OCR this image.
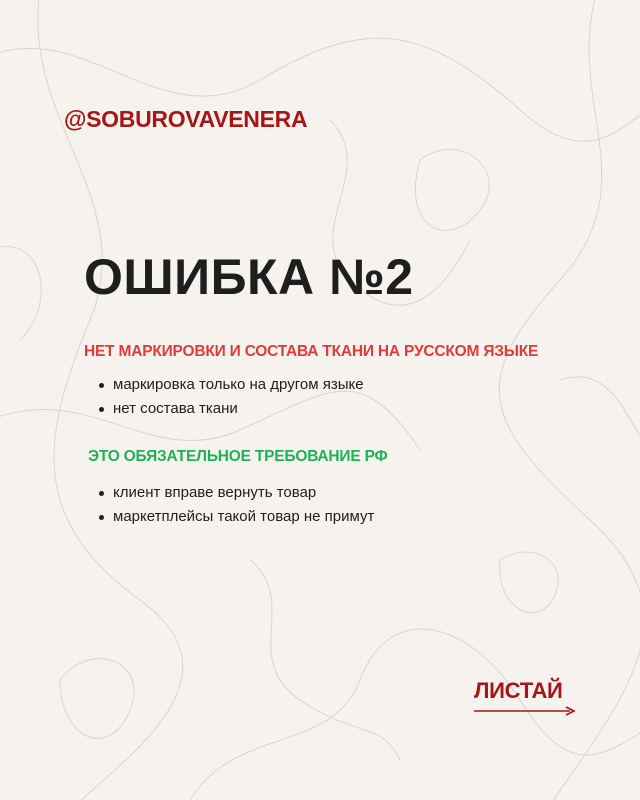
@SOBUROVAVENERA
ОШИБКА №2
НЕТ МАРКИРОВКИ И СОСТАВА ТКАНИ НА РУССКОМ ЯЗЫКЕ
маркировка только на другом языке
нет состава ткани
ЭТО ОБЯЗАТЕЛЬНОЕ ТРЕБОВАНИЕ РФ
клиент вправе вернуть товар
маркетплейсы такой товар не примут
ЛИСТАЙ
